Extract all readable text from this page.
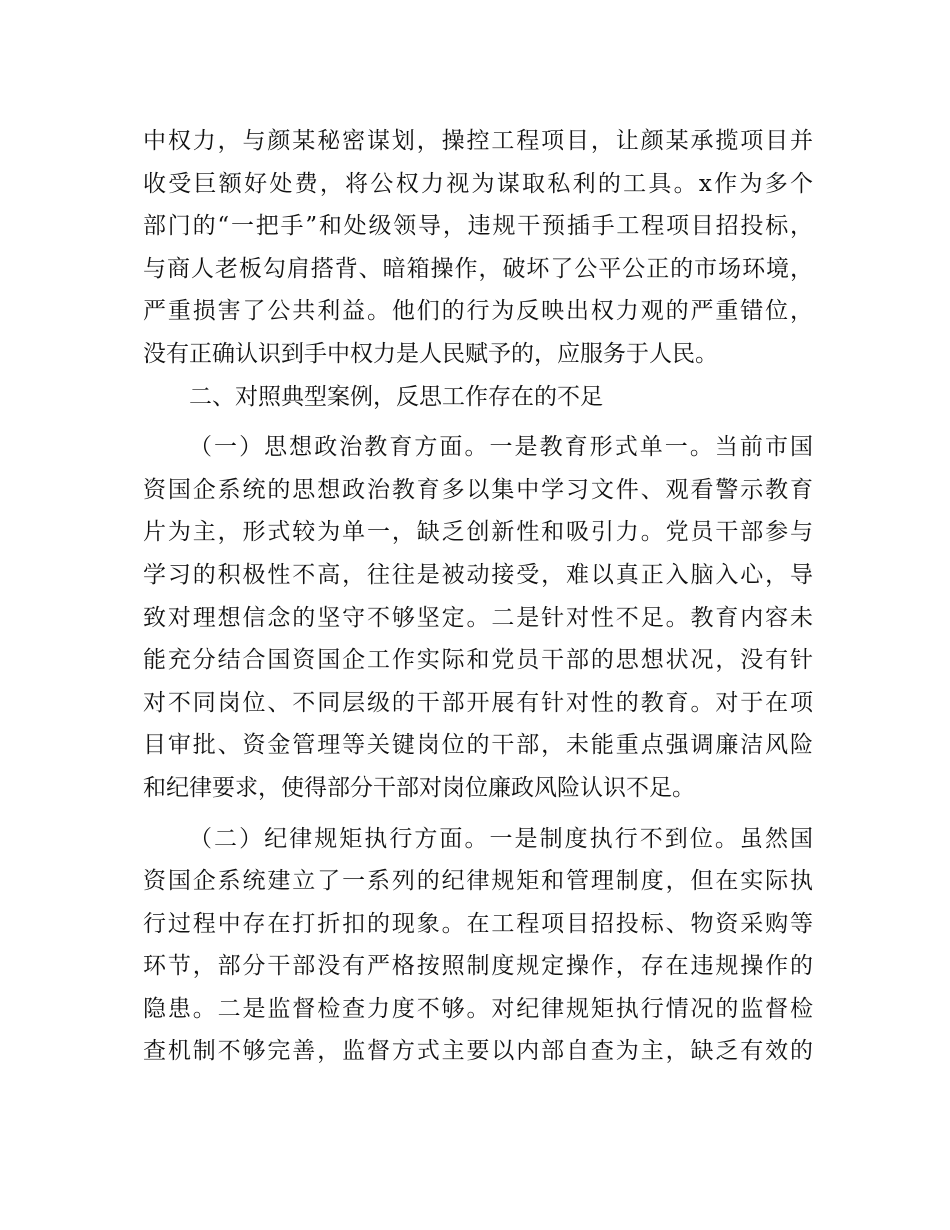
中权力，与颜某秘密谋划，操控工程项目，让颜某承揽项目并
收受巨额好处费，将公权力视为谋取私利的工具。x作为多个
部门的“一把手”和处级领导，违规干预插手工程项目招投标，
与商人老板勾肩搭背、暗箱操作，破坏了公平公正的市场环境，
严重损害了公共利益。他们的行为反映出权力观的严重错位，
没有正确认识到手中权力是人民赋予的，应服务于人民。
二、对照典型案例，反思工作存在的不足
（一）思想政治教育方面。一是教育形式单一。当前市国
资国企系统的思想政治教育多以集中学习文件、观看警示教育
片为主，形式较为单一，缺乏创新性和吸引力。党员干部参与
学习的积极性不高，往往是被动接受，难以真正入脑入心，导
致对理想信念的坚守不够坚定。二是针对性不足。教育内容未
能充分结合国资国企工作实际和党员干部的思想状况，没有针
对不同岗位、不同层级的干部开展有针对性的教育。对于在项
目审批、资金管理等关键岗位的干部，未能重点强调廉洁风险
和纪律要求，使得部分干部对岗位廉政风险认识不足。
（二）纪律规矩执行方面。一是制度执行不到位。虽然国
资国企系统建立了一系列的纪律规矩和管理制度，但在实际执
行过程中存在打折扣的现象。在工程项目招投标、物资采购等
环节，部分干部没有严格按照制度规定操作，存在违规操作的
隐患。二是监督检查力度不够。对纪律规矩执行情况的监督检
查机制不够完善，监督方式主要以内部自查为主，缺乏有效的
